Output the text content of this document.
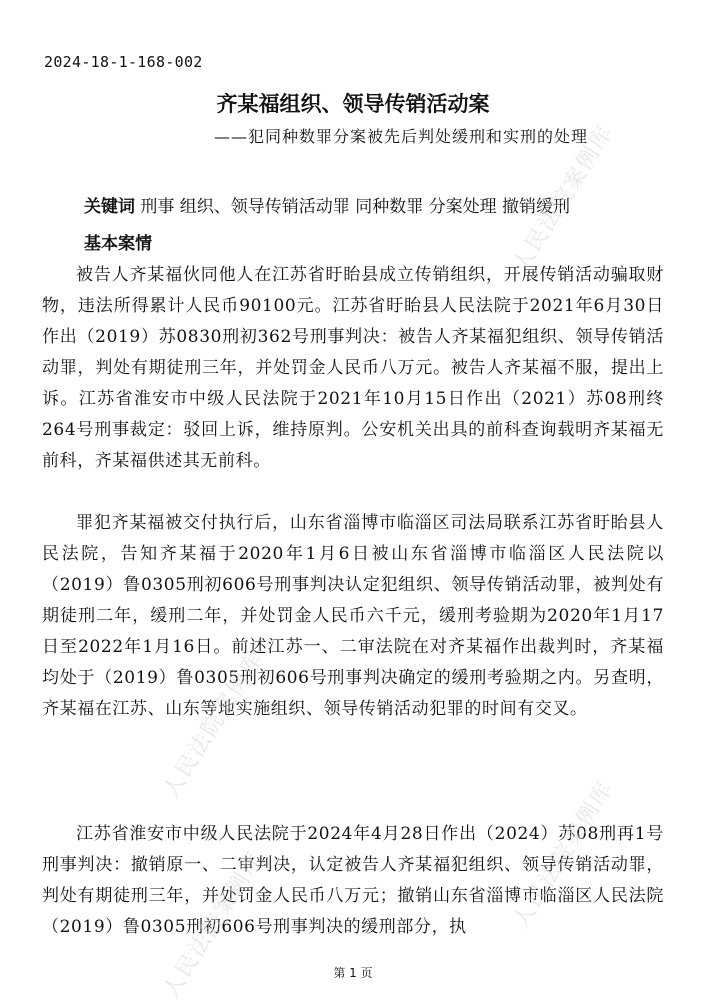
2024-18-1-168-002
齐某福组织、领导传销活动案
——犯同种数罪分案被先后判处缓刑和实刑的处理
关键词 刑事 组织、领导传销活动罪 同种数罪 分案处理 撤销缓刑
基本案情

被告人齐某福伙同他人在江苏省盱眙县成立传销组织，开展传销活动骗取财物，违法所得累计人民币90100元。江苏省盱眙县人民法院于2021年6月30日作出（2019）苏0830刑初362号刑事判决：被告人齐某福犯组织、领导传销活动罪，判处有期徒刑三年，并处罚金人民币八万元。被告人齐某福不服，提出上诉。江苏省淮安市中级人民法院于2021年10月15日作出（2021）苏08刑终264号刑事裁定：驳回上诉，维持原判。公安机关出具的前科查询载明齐某福无前科，齐某福供述其无前科。

罪犯齐某福被交付执行后，山东省淄博市临淄区司法局联系江苏省盱眙县人民法院，告知齐某福于2020年1月6日被山东省淄博市临淄区人民法院以（2019）鲁0305刑初606号刑事判决认定犯组织、领导传销活动罪，被判处有期徒刑二年，缓刑二年，并处罚金人民币六千元，缓刑考验期为2020年1月17日至2022年1月16日。前述江苏一、二审法院在对齐某福作出裁判时，齐某福均处于（2019）鲁0305刑初606号刑事判决确定的缓刑考验期之内。另查明，齐某福在江苏、山东等地实施组织、领导传销活动犯罪的时间有交叉。

江苏省淮安市中级人民法院于2024年4月28日作出（2024）苏08刑再1号刑事判决：撤销原一、二审判决，认定被告人齐某福犯组织、领导传销活动罪，判处有期徒刑三年，并处罚金人民币八万元；撤销山东省淄博市临淄区人民法院（2019）鲁0305刑初606号刑事判决的缓刑部分，执

人民法院案例库
人民法院案例库
人民法院案例库
人民法院案例库	第 1 页
